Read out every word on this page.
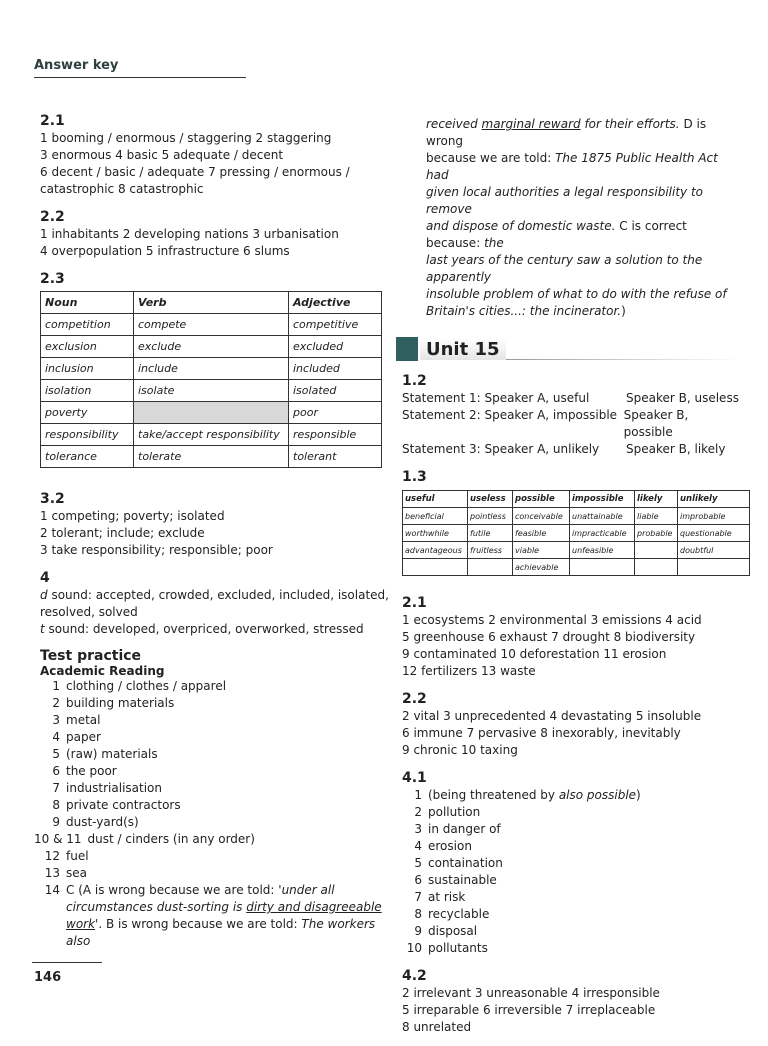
Answer key
2.1
1 booming / enormous / staggering 2 staggering
3 enormous 4 basic 5 adequate / decent
6 decent / basic / adequate 7 pressing / enormous /
catastrophic 8 catastrophic
2.2
1 inhabitants 2 developing nations 3 urbanisation
4 overpopulation 5 infrastructure 6 slums
2.3
Noun	Verb	Adjective
competition	compete	competitive
exclusion	exclude	excluded
inclusion	include	included
isolation	isolate	isolated
poverty		poor
responsibility	take/accept responsibility	responsible
tolerance	tolerate	tolerant
3.2
1 competing; poverty; isolated
2 tolerant; include; exclude
3 take responsibility; responsible; poor
4
d sound: accepted, crowded, excluded, included, isolated,
resolved, solved
t sound: developed, overpriced, overworked, stressed
Test practice
Academic Reading
1 clothing / clothes / apparel
2 building materials
3 metal
4 paper
5 (raw) materials
6 the poor
7 industrialisation
8 private contractors
9 dust-yard(s)
10 & 11 dust / cinders (in any order)
12 fuel
13 sea
14 C (A is wrong because we are told: 'under all
circumstances dust-sorting is dirty and disagreeable
work'. B is wrong because we are told: The workers also
received marginal reward for their efforts. D is wrong
because we are told: The 1875 Public Health Act had
given local authorities a legal responsibility to remove
and dispose of domestic waste. C is correct because: the
last years of the century saw a solution to the apparently
insoluble problem of what to do with the refuse of
Britain's cities...: the incinerator.)
Unit 15
1.2
Statement 1: Speaker A, useful	Speaker B, useless
Statement 2: Speaker A, impossible Speaker B, possible
Statement 3: Speaker A, unlikely	Speaker B, likely
1.3
useful	useless	possible	impossible	likely	unlikely
beneficial	pointless	conceivable	unattainable	liable	improbable
worthwhile	futile	feasible	impracticable	probable	questionable
advantageous	fruitless	viable	unfeasible		doubtful
		achievable			
2.1
1 ecosystems 2 environmental 3 emissions 4 acid
5 greenhouse 6 exhaust 7 drought 8 biodiversity
9 contaminated 10 deforestation 11 erosion
12 fertilizers 13 waste
2.2
2 vital 3 unprecedented 4 devastating 5 insoluble
6 immune 7 pervasive 8 inexorably, inevitably
9 chronic 10 taxing
4.1
1 (being threatened by also possible)
2 pollution
3 in danger of
4 erosion
5 containation
6 sustainable
7 at risk
8 recyclable
9 disposal
10 pollutants
4.2
2 irrelevant 3 unreasonable 4 irresponsible
5 irreparable 6 irreversible 7 irreplaceable
8 unrelated
146
